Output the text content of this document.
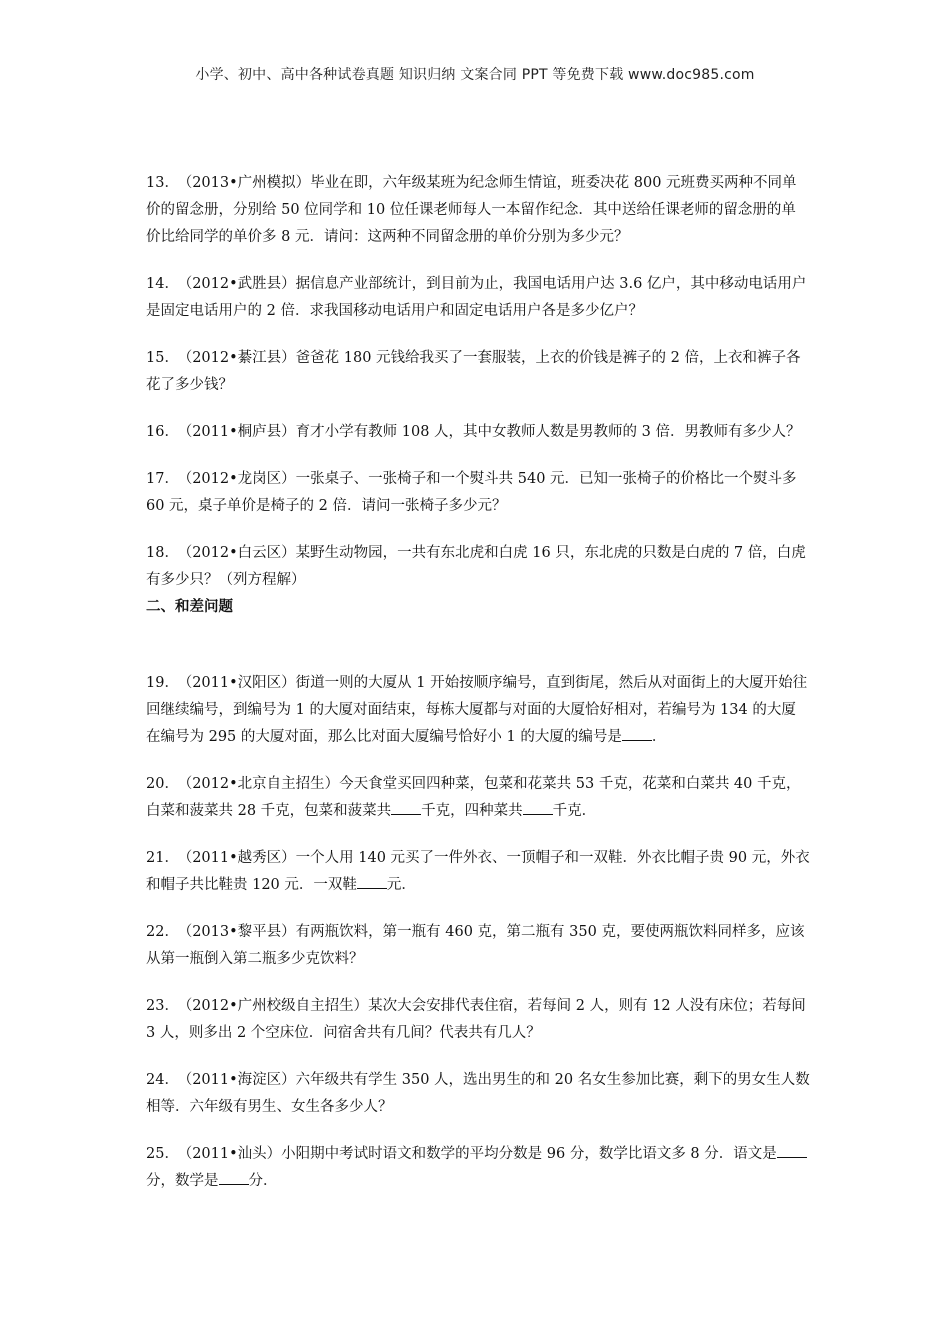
小学、初中、高中各种试卷真题 知识归纳 文案合同 PPT 等免费下载 www.doc985.com

13． （2013•广州模拟）毕业在即，六年级某班为纪念师生情谊，班委决花 800 元班费买两种不同单价的留念册，分别给 50 位同学和 10 位任课老师每人一本留作纪念．其中送给任课老师的留念册的单价比给同学的单价多 8 元．请问：这两种不同留念册的单价分别为多少元？

14． （2012•武胜县）据信息产业部统计，到目前为止，我国电话用户达 3.6 亿户，其中移动电话用户是固定电话用户的 2 倍．求我国移动电话用户和固定电话用户各是多少亿户？

15． （2012•綦江县）爸爸花 180 元钱给我买了一套服装，上衣的价钱是裤子的 2 倍，上衣和裤子各花了多少钱？

16． （2011•桐庐县）育才小学有教师 108 人，其中女教师人数是男教师的 3 倍．男教师有多少人？

17． （2012•龙岗区）一张桌子、一张椅子和一个熨斗共 540 元．已知一张椅子的价格比一个熨斗多 60 元，桌子单价是椅子的 2 倍．请问一张椅子多少元？

18． （2012•白云区）某野生动物园，一共有东北虎和白虎 16 只，东北虎的只数是白虎的 7 倍，白虎有多少只？（列方程解）

二、和差问题

19． （2011•汉阳区）街道一则的大厦从 1 开始按顺序编号，直到街尾，然后从对面街上的大厦开始往回继续编号，到编号为 1 的大厦对面结束，每栋大厦都与对面的大厦恰好相对，若编号为 134 的大厦在编号为 295 的大厦对面，那么比对面大厦编号恰好小 1 的大厦的编号是 ．

20． （2012•北京自主招生）今天食堂买回四种菜，包菜和花菜共 53 千克，花菜和白菜共 40 千克，白菜和菠菜共 28 千克，包菜和菠菜共 千克，四种菜共 千克．

21． （2011•越秀区）一个人用 140 元买了一件外衣、一顶帽子和一双鞋．外衣比帽子贵 90 元，外衣和帽子共比鞋贵 120 元．一双鞋 元．

22． （2013•黎平县）有两瓶饮料，第一瓶有 460 克，第二瓶有 350 克，要使两瓶饮料同样多，应该从第一瓶倒入第二瓶多少克饮料？

23． （2012•广州校级自主招生）某次大会安排代表住宿，若每间 2 人，则有 12 人没有床位；若每间 3 人，则多出 2 个空床位．问宿舍共有几间？代表共有几人？

24． （2011•海淀区）六年级共有学生 350 人，选出男生的和 20 名女生参加比赛，剩下的男女生人数相等．六年级有男生、女生各多少人？

25． （2011•汕头）小阳期中考试时语文和数学的平均分数是 96 分，数学比语文多 8 分．语文是分，数学是 分．
